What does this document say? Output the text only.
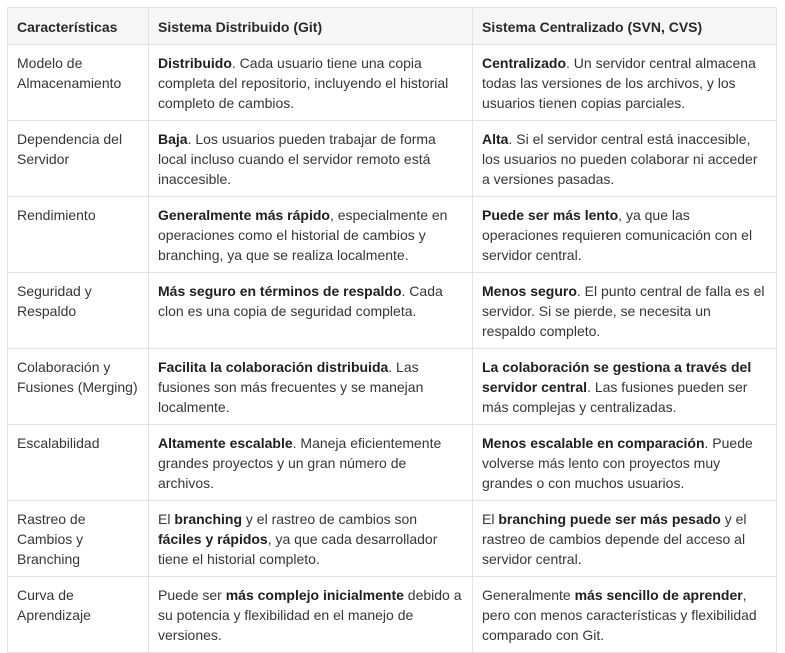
Características	Sistema Distribuido (Git)	Sistema Centralizado (SVN, CVS)
Modelo de Almacenamiento	Distribuido. Cada usuario tiene una copia completa del repositorio, incluyendo el historial completo de cambios.	Centralizado. Un servidor central almacena todas las versiones de los archivos, y los usuarios tienen copias parciales.
Dependencia del Servidor	Baja. Los usuarios pueden trabajar de forma local incluso cuando el servidor remoto está inaccesible.	Alta. Si el servidor central está inaccesible, los usuarios no pueden colaborar ni acceder a versiones pasadas.
Rendimiento	Generalmente más rápido, especialmente en operaciones como el historial de cambios y branching, ya que se realiza localmente.	Puede ser más lento, ya que las operaciones requieren comunicación con el servidor central.
Seguridad y Respaldo	Más seguro en términos de respaldo. Cada clon es una copia de seguridad completa.	Menos seguro. El punto central de falla es el servidor. Si se pierde, se necesita un respaldo completo.
Colaboración y Fusiones (Merging)	Facilita la colaboración distribuida. Las fusiones son más frecuentes y se manejan localmente.	La colaboración se gestiona a través del servidor central. Las fusiones pueden ser más complejas y centralizadas.
Escalabilidad	Altamente escalable. Maneja eficientemente grandes proyectos y un gran número de archivos.	Menos escalable en comparación. Puede volverse más lento con proyectos muy grandes o con muchos usuarios.
Rastreo de Cambios y Branching	El branching y el rastreo de cambios son fáciles y rápidos, ya que cada desarrollador tiene el historial completo.	El branching puede ser más pesado y el rastreo de cambios depende del acceso al servidor central.
Curva de Aprendizaje	Puede ser más complejo inicialmente debido a su potencia y flexibilidad en el manejo de versiones.	Generalmente más sencillo de aprender, pero con menos características y flexibilidad comparado con Git.
